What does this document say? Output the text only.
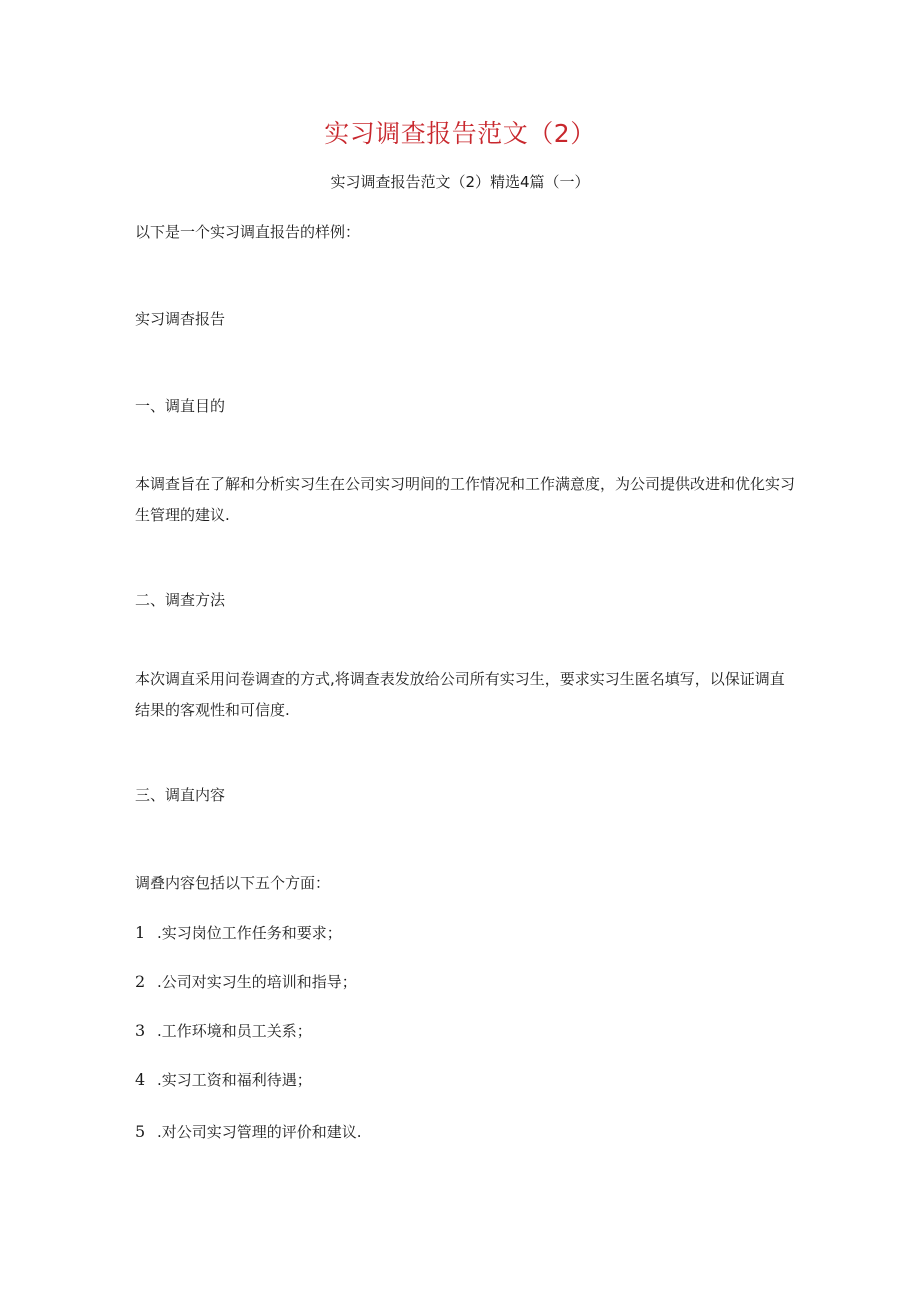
实习调查报告范文（2）
实习调查报告范文（2）精选4篇（一）
以下是一个实习调直报告的样例：
实习调杳报告
一、调直目的
本调查旨在了解和分析实习生在公司实习明间的工作情况和工作满意度，为公司提供改进和优化实习生管理的建议.
二、调查方法
本次调直采用问卷调查的方式,将调查表发放给公司所有实习生，要求实习生匿名填写，以保证调直结果的客观性和可信度.
三、调直内容
调叠内容包括以下五个方面：
1 .实习岗位工作任务和要求；
2 .公司对实习生的培训和指导；
3 .工作环境和员工关系；
4 .实习工资和福利待遇；
5 .对公司实习管理的评价和建议.
